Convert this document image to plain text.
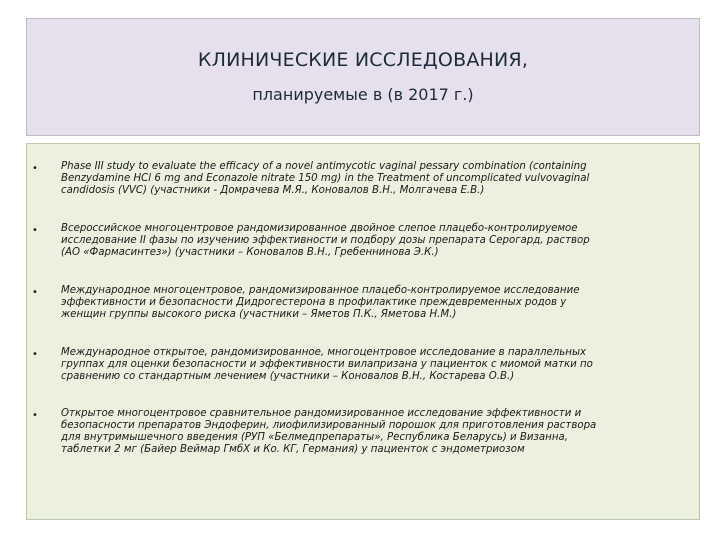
КЛИНИЧЕСКИЕ ИССЛЕДОВАНИЯ,
планируемые в (в 2017 г.)
• Phase III study to evaluate the efficacy of a novel antimycotic vaginal pessary combination (containing
Benzydamine HCl 6 mg and Econazole nitrate 150 mg) in the Treatment of uncomplicated vulvovaginal
candidosis (VVC) (участники - Домрачева М.Я., Коновалов В.Н., Молгачева Е.В.)
• Всероссийское многоцентровое рандомизированное двойное слепое плацебо-контролируемое
исследование II фазы по изучению эффективности и подбору дозы препарата Серогард, раствор
(АО «Фармасинтез») (участники – Коновалов В.Н., Гребеннинова Э.К.)
• Международное многоцентровое, рандомизированное плацебо-контролируемое исследование
эффективности и безопасности Дидрогестерона в профилактике преждевременных родов у
женщин группы высокого риска (участники – Яметов П.К., Яметова Н.М.)
• Международное открытое, рандомизированное, многоцентровое исследование в параллельных
группах для оценки безопасности и эффективности вилапризана у пациенток с миомой матки по
сравнению со стандартным лечением (участники – Коновалов В.Н., Костарева О.В.)
• Открытое многоцентровое сравнительное рандомизированное исследование эффективности и
безопасности препаратов Эндоферин, лиофилизированный порошок для приготовления раствора
для внутримышечного введения (РУП «Белмедпрепараты», Республика Беларусь) и Визанна,
таблетки 2 мг (Байер Веймар ГмбХ и Ко. КГ, Германия) у пациенток с эндометриозом
